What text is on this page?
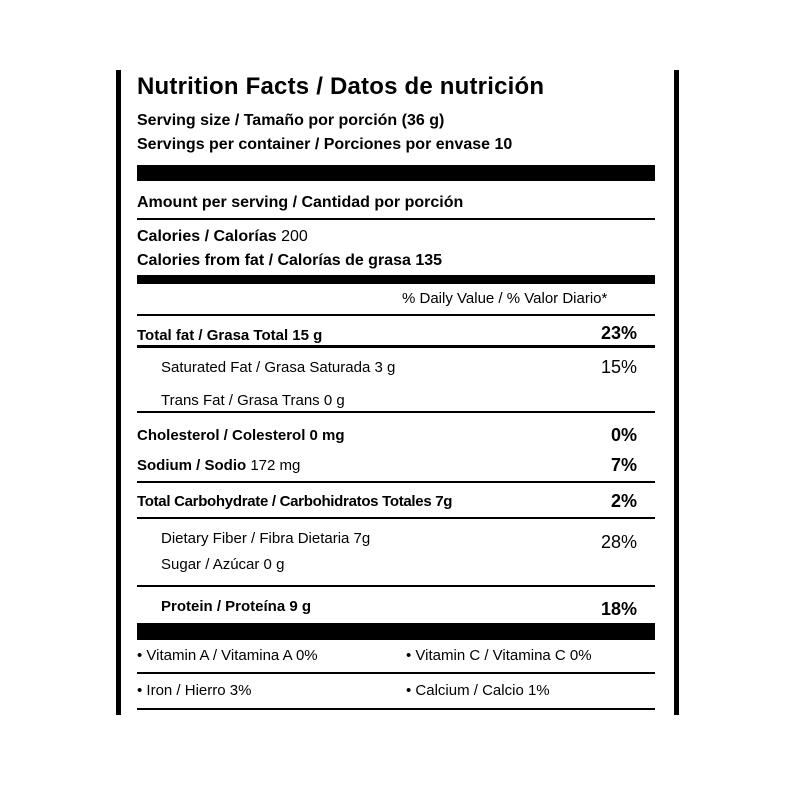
Nutrition Facts / Datos de nutrición
Serving size / Tamaño por porción (36 g)
Servings per container / Porciones por envase 10
Amount per serving / Cantidad por porción
Calories / Calorías 200
Calories from fat / Calorías de grasa 135
% Daily Value / % Valor Diario*
Total fat / Grasa Total 15 g	23%
Saturated Fat / Grasa Saturada 3 g	15%
Trans Fat / Grasa Trans 0 g
Cholesterol / Colesterol 0 mg	0%
Sodium / Sodio 172 mg	7%
Total Carbohydrate / Carbohidratos Totales 7g	2%
Dietary Fiber / Fibra Dietaria 7g	28%
Sugar / Azúcar 0 g
Protein / Proteína 9 g	18%
• Vitamin A / Vitamina A 0%	• Vitamin C / Vitamina C 0%
• Iron / Hierro 3%	• Calcium / Calcio 1%
